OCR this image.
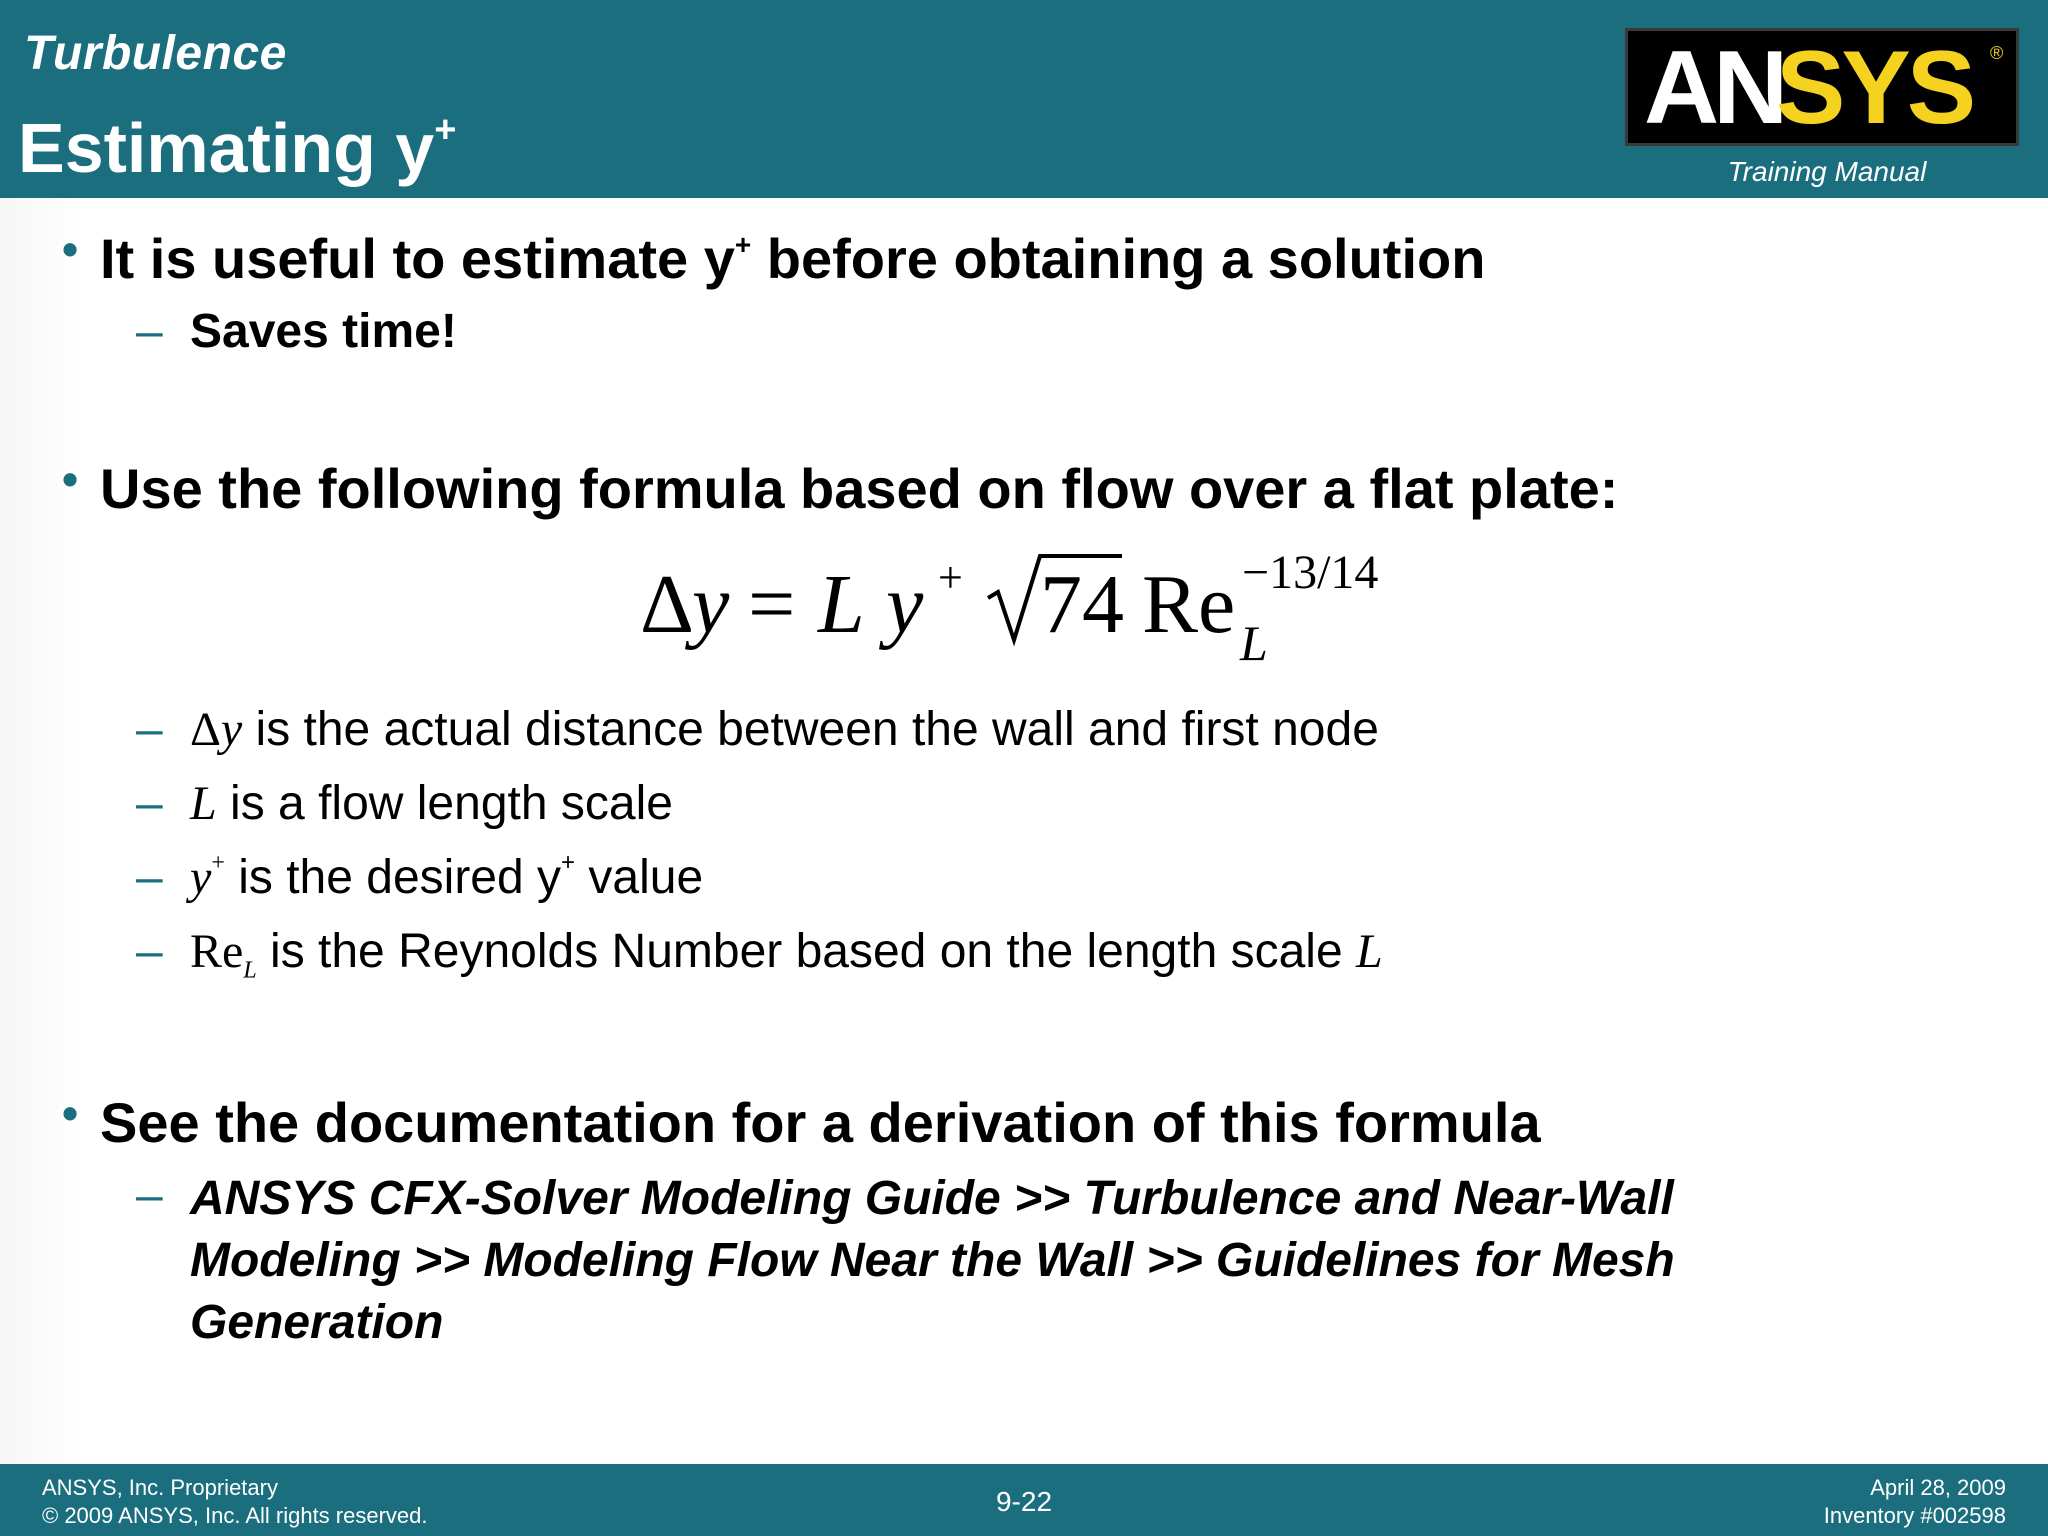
Turbulence
Estimating y+	AN
SYS ®
Training Manual
• It is useful to estimate y+ before obtaining a solution
– Saves time!
• Use the following formula based on flow over a flat plate:
Δ
y = L y + 74 Re L
−13/14
– Δy is the actual distance between the wall and first node
– L is a flow length scale
– y+ is the desired y+ value
– $Re_L$ is the Reynolds Number based on the length scale L
• See the documentation for a derivation of this formula
– ANSYS CFX-Solver Modeling Guide >> Turbulence and Near-Wall Modeling >> Modeling Flow Near the Wall >> Guidelines for Mesh Generation
ANSYS, Inc. Proprietary
© 2009 ANSYS, Inc. All rights reserved.	9-22	April 28, 2009
Inventory #002598
